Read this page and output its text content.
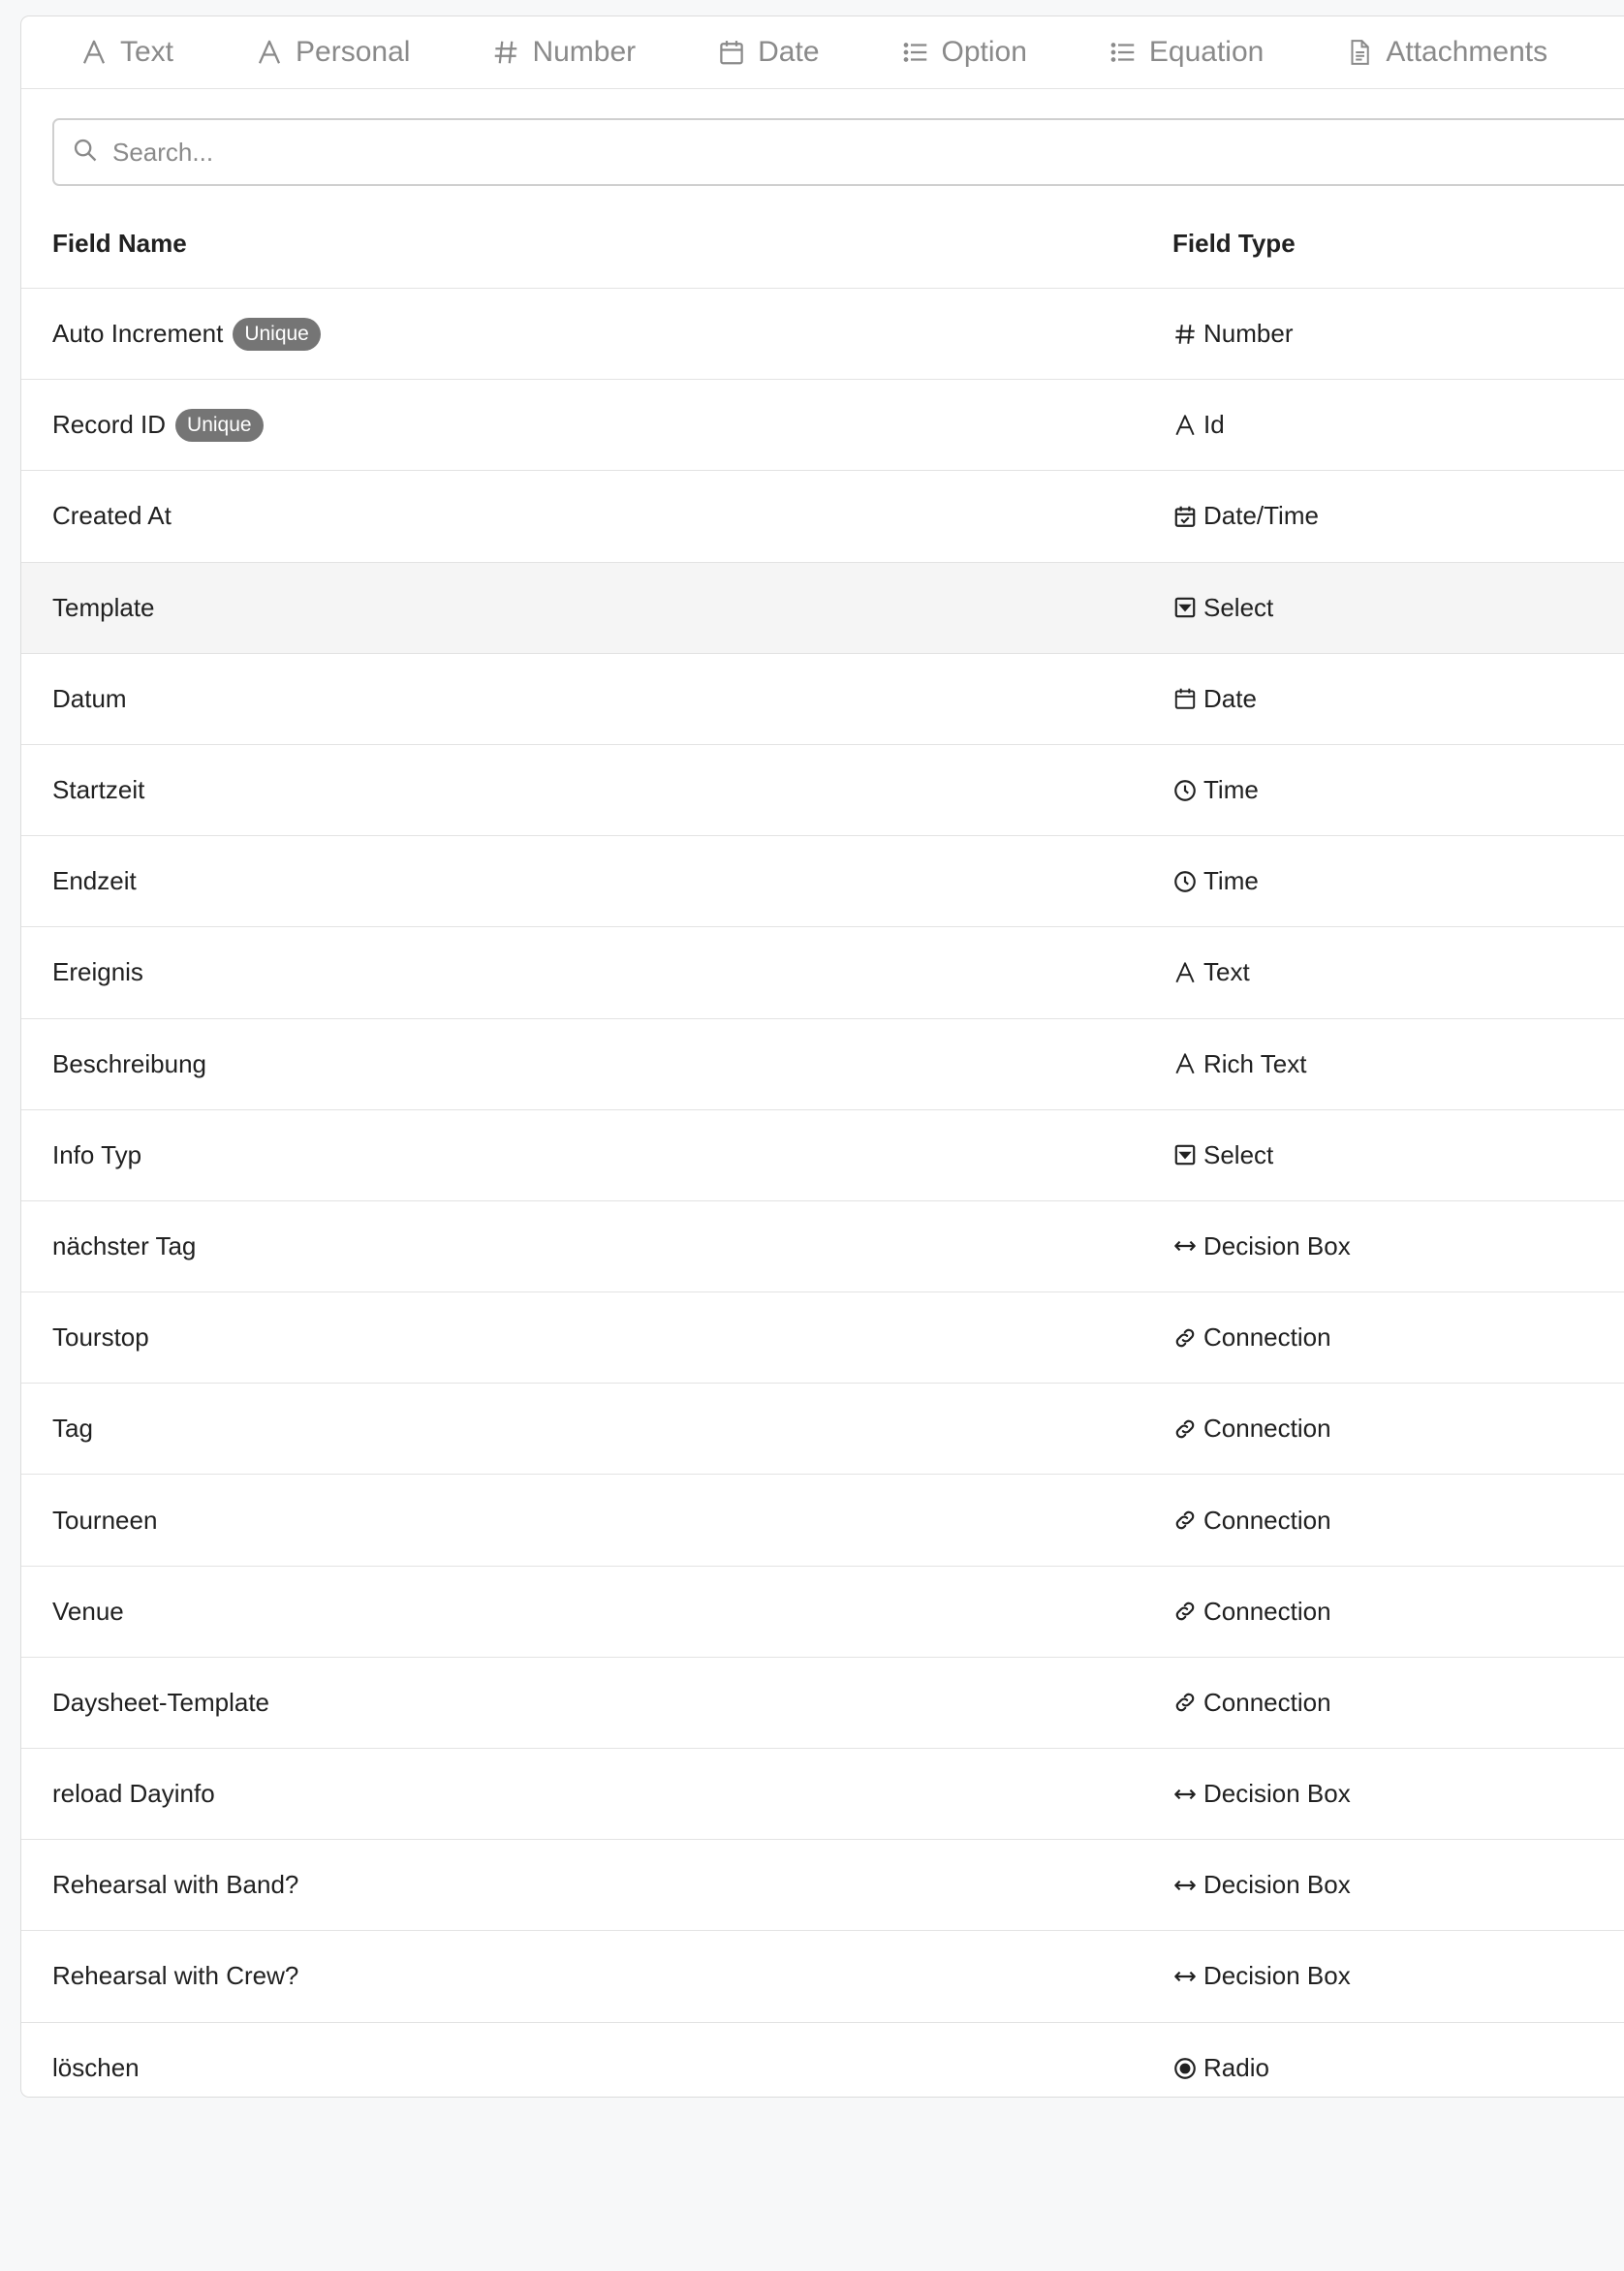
Text	Personal	Number	Date	Option	Equation	Attachments
Search...
Field Name	Field Type
Auto Increment	Unique	Number
Record ID	Unique	Id
Created At	Date/Time
Template	Select
Datum	Date
Startzeit	Time
Endzeit	Time
Ereignis	Text
Beschreibung	Rich Text
Info Typ	Select
nächster Tag	Decision Box
Tourstop	Connection
Tag	Connection
Tourneen	Connection
Venue	Connection
Daysheet-Template	Connection
reload Dayinfo	Decision Box
Rehearsal with Band?	Decision Box
Rehearsal with Crew?	Decision Box
löschen	Radio
